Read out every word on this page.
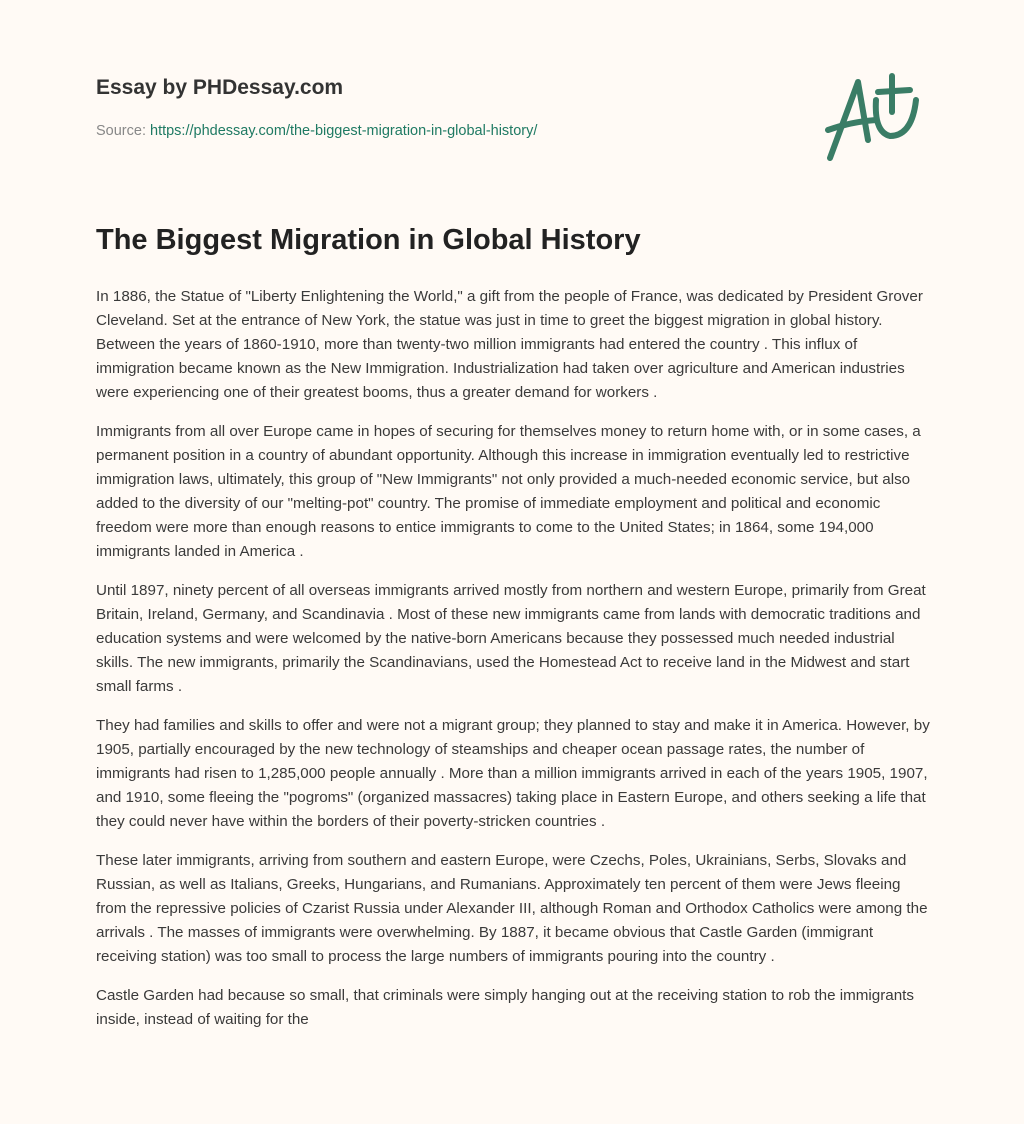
Essay by PHDessay.com
Source: https://phdessay.com/the-biggest-migration-in-global-history/
The Biggest Migration in Global History

In 1886, the Statue of "Liberty Enlightening the World," a gift from the people of France, was dedicated by President Grover Cleveland. Set at the entrance of New York, the statue was just in time to greet the biggest migration in global history. Between the years of 1860-1910, more than twenty-two million immigrants had entered the country . This influx of immigration became known as the New Immigration. Industrialization had taken over agriculture and American industries were experiencing one of their greatest booms, thus a greater demand for workers .

Immigrants from all over Europe came in hopes of securing for themselves money to return home with, or in some cases, a permanent position in a country of abundant opportunity. Although this increase in immigration eventually led to restrictive immigration laws, ultimately, this group of "New Immigrants" not only provided a much-needed economic service, but also added to the diversity of our "melting-pot" country. The promise of immediate employment and political and economic freedom were more than enough reasons to entice immigrants to come to the United States; in 1864, some 194,000 immigrants landed in America .

Until 1897, ninety percent of all overseas immigrants arrived mostly from northern and western Europe, primarily from Great Britain, Ireland, Germany, and Scandinavia . Most of these new immigrants came from lands with democratic traditions and education systems and were welcomed by the native-born Americans because they possessed much needed industrial skills. The new immigrants, primarily the Scandinavians, used the Homestead Act to receive land in the Midwest and start small farms .

They had families and skills to offer and were not a migrant group; they planned to stay and make it in America. However, by 1905, partially encouraged by the new technology of steamships and cheaper ocean passage rates, the number of immigrants had risen to 1,285,000 people annually . More than a million immigrants arrived in each of the years 1905, 1907, and 1910, some fleeing the "pogroms" (organized massacres) taking place in Eastern Europe, and others seeking a life that they could never have within the borders of their poverty-stricken countries .

These later immigrants, arriving from southern and eastern Europe, were Czechs, Poles, Ukrainians, Serbs, Slovaks and Russian, as well as Italians, Greeks, Hungarians, and Rumanians. Approximately ten percent of them were Jews fleeing from the repressive policies of Czarist Russia under Alexander III, although Roman and Orthodox Catholics were among the arrivals . The masses of immigrants were overwhelming. By 1887, it became obvious that Castle Garden (immigrant receiving station) was too small to process the large numbers of immigrants pouring into the country .

Castle Garden had because so small, that criminals were simply hanging out at the receiving station to rob the immigrants inside, instead of waiting for the
